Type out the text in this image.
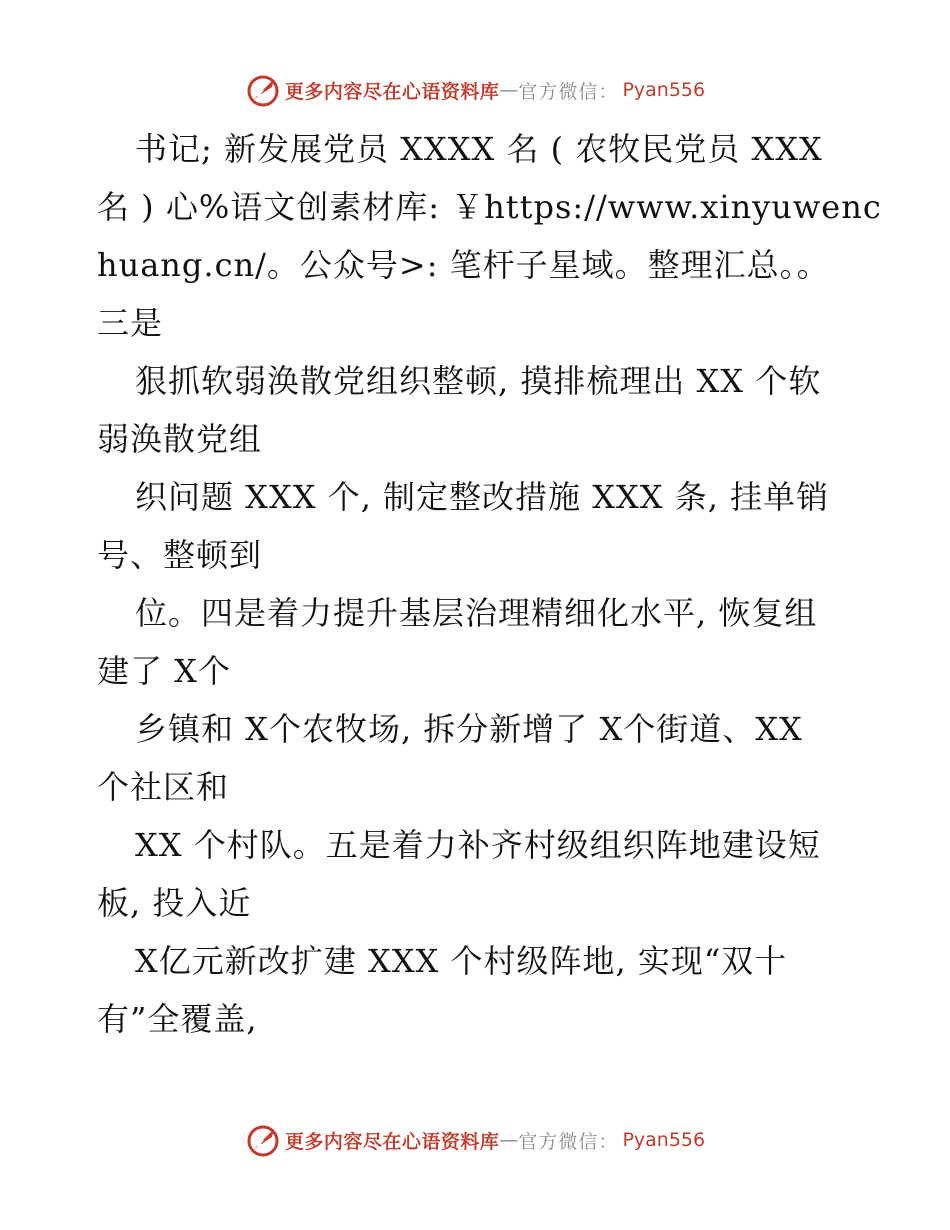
更多内容尽在心语资料库 — 官方微信： Pyan556
书记; 新发展党员 XXXX 名 ( 农牧民党员 XXX
名 ) 心%语文创素材库: ￥https://www.xinyuwenc
huang.cn/。公众号>: 笔杆子星域。整理汇总。。
三是
狠抓软弱涣散党组织整顿, 摸排梳理出 XX 个软
弱涣散党组
织问题 XXX 个, 制定整改措施 XXX 条, 挂单销
号、整顿到
位。四是着力提升基层治理精细化水平, 恢复组
建了 X个
乡镇和 X个农牧场, 拆分新增了 X个街道、XX
个社区和
XX 个村队。五是着力补齐村级组织阵地建设短
板, 投入近
X亿元新改扩建 XXX 个村级阵地, 实现“双十
有”全覆盖,
更多内容尽在心语资料库 — 官方微信： Pyan556
